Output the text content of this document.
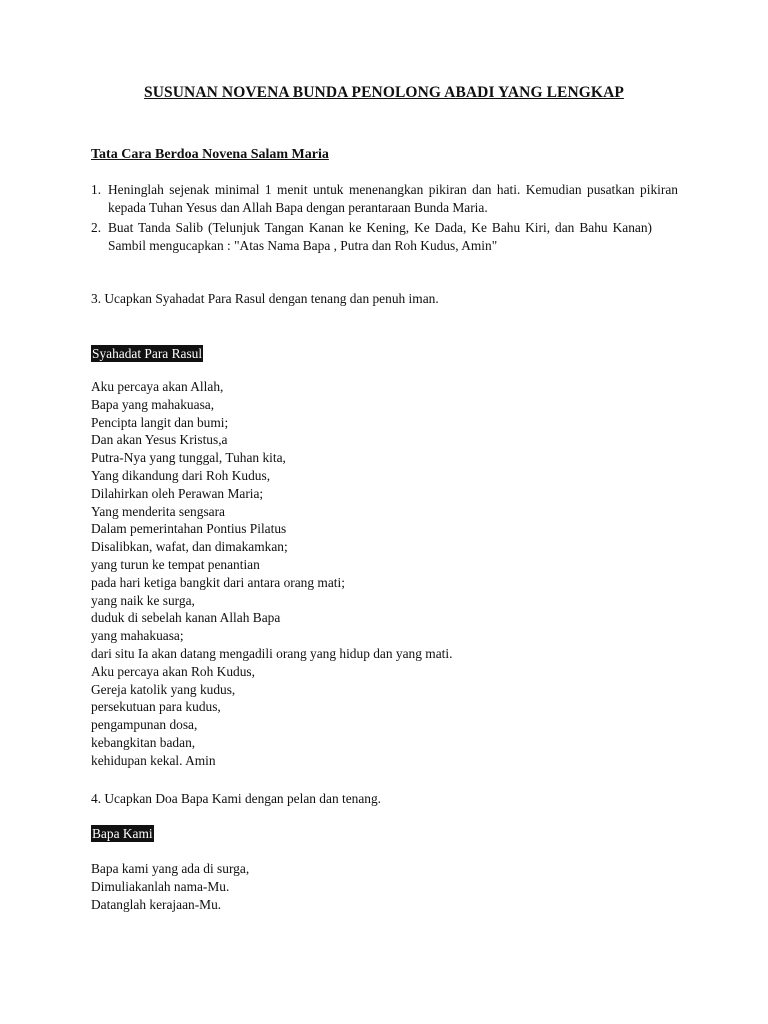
SUSUNAN NOVENA BUNDA PENOLONG ABADI YANG LENGKAP
Tata Cara Berdoa Novena Salam Maria
1. Heninglah sejenak minimal 1 menit untuk menenangkan pikiran dan hati. Kemudian pusatkan pikiran kepada Tuhan Yesus dan Allah Bapa dengan perantaraan Bunda Maria.
2. Buat Tanda Salib (Telunjuk Tangan Kanan ke Kening, Ke Dada, Ke Bahu Kiri, dan Bahu Kanan)Sambil mengucapkan : "Atas Nama Bapa , Putra dan Roh Kudus, Amin"
3. Ucapkan Syahadat Para Rasul dengan tenang dan penuh iman.
Syahadat Para Rasul
Aku percaya akan Allah,
Bapa yang mahakuasa,
Pencipta langit dan bumi;
Dan akan Yesus Kristus,a
Putra-Nya yang tunggal, Tuhan kita,
Yang dikandung dari Roh Kudus,
Dilahirkan oleh Perawan Maria;
Yang menderita sengsara
Dalam pemerintahan Pontius Pilatus
Disalibkan, wafat, dan dimakamkan;
yang turun ke tempat penantian
pada hari ketiga bangkit dari antara orang mati;
yang naik ke surga,
duduk di sebelah kanan Allah Bapa
yang mahakuasa;
dari situ Ia akan datang mengadili orang yang hidup dan yang mati.
Aku percaya akan Roh Kudus,
Gereja katolik yang kudus,
persekutuan para kudus,
pengampunan dosa,
kebangkitan badan,
kehidupan kekal. Amin
4. Ucapkan Doa Bapa Kami dengan pelan dan tenang.
Bapa Kami
Bapa kami yang ada di surga,
Dimuliakanlah nama-Mu.
Datanglah kerajaan-Mu.
